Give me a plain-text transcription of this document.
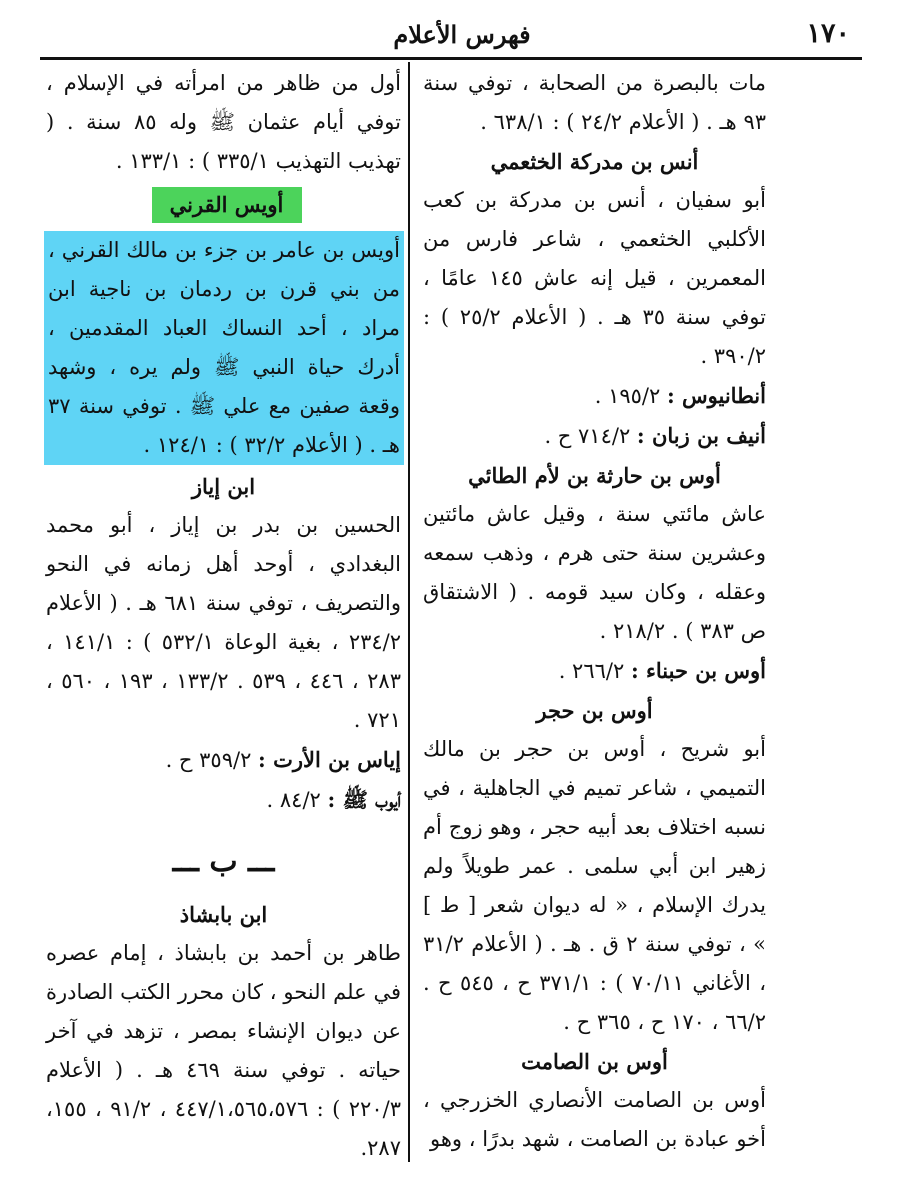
١٧٠
فهرس الأعلام

مات بالبصرة من الصحابة ، توفي سنة ٩٣ هـ . ( الأعلام ٢٤/٢ ) : ٦٣٨/١ .

أنس بن مدركة الخثعمي

أبو سفيان ، أنس بن مدركة بن كعب الأكلبي الخثعمي ، شاعر فارس من المعمرين ، قيل إنه عاش ١٤٥ عامًا ، توفي سنة ٣٥ هـ . ( الأعلام ٢٥/٢ ) : ٣٩٠/٢ .

أنطانيوس : ١٩٥/٢ .

أنيف بن زبان : ٧١٤/٢ ح .

أوس بن حارثة بن لأم الطائي

عاش مائتي سنة ، وقيل عاش مائتين وعشرين سنة حتى هرم ، وذهب سمعه وعقله ، وكان سيد قومه . ( الاشتقاق ص ٣٨٣ ) . ٢١٨/٢ .

أوس بن حبناء : ٢٦٦/٢ .

أوس بن حجر

أبو شريح ، أوس بن حجر بن مالك التميمي ، شاعر تميم في الجاهلية ، في نسبه اختلاف بعد أبيه حجر ، وهو زوج أم زهير ابن أبي سلمى . عمر طويلاً ولم يدرك الإسلام ، « له ديوان شعر [ ط ] » ، توفي سنة ٢ ق . هـ . ( الأعلام ٣١/٢ ، الأغاني ٧٠/١١ ) : ٣٧١/١ ح ، ٥٤٥ ح . ٦٦/٢ ، ١٧٠ ح ، ٣٦٥ ح .

أوس بن الصامت

أوس بن الصامت الأنصاري الخزرجي ، أخو عبادة بن الصامت ، شهد بدرًا ، وهو

أول من ظاهر من امرأته في الإسلام ، توفي أيام عثمان ﷺ وله ٨٥ سنة . ( تهذيب التهذيب ٣٣٥/١ ) : ١٣٣/١ .

أويس القرني

أويس بن عامر بن جزء بن مالك القرني ، من بني قرن بن ردمان بن ناجية ابن مراد ، أحد النساك العباد المقدمين ، أدرك حياة النبي ﷺ ولم يره ، وشهد وقعة صفين مع علي ﷺ . توفي سنة ٣٧ هـ . ( الأعلام ٣٢/٢ ) : ١٢٤/١ .

ابن إياز

الحسين بن بدر بن إياز ، أبو محمد البغدادي ، أوحد أهل زمانه في النحو والتصريف ، توفي سنة ٦٨١ هـ . ( الأعلام ٢٣٤/٢ ، بغية الوعاة ٥٣٢/١ ) : ١٤١/١ ، ٢٨٣ ، ٤٤٦ ، ٥٣٩ . ١٣٣/٢ ، ١٩٣ ، ٥٦٠ ، ٧٢١ .

إياس بن الأرت : ٣٥٩/٢ ح .

أيوب ﷺ : ٨٤/٢ .

ـــ ب ـــ

ابن بابشاذ

طاهر بن أحمد بن بابشاذ ، إمام عصره في علم النحو ، كان محرر الكتب الصادرة عن ديوان الإنشاء بمصر ، تزهد في آخر حياته . توفي سنة ٤٦٩ هـ . ( الأعلام ٢٢٠/٣ ) : ٤٤٧/١،٥٦٥،٥٧٦ ، ٩١/٢ ، ١٥٥، ٢٨٧.
